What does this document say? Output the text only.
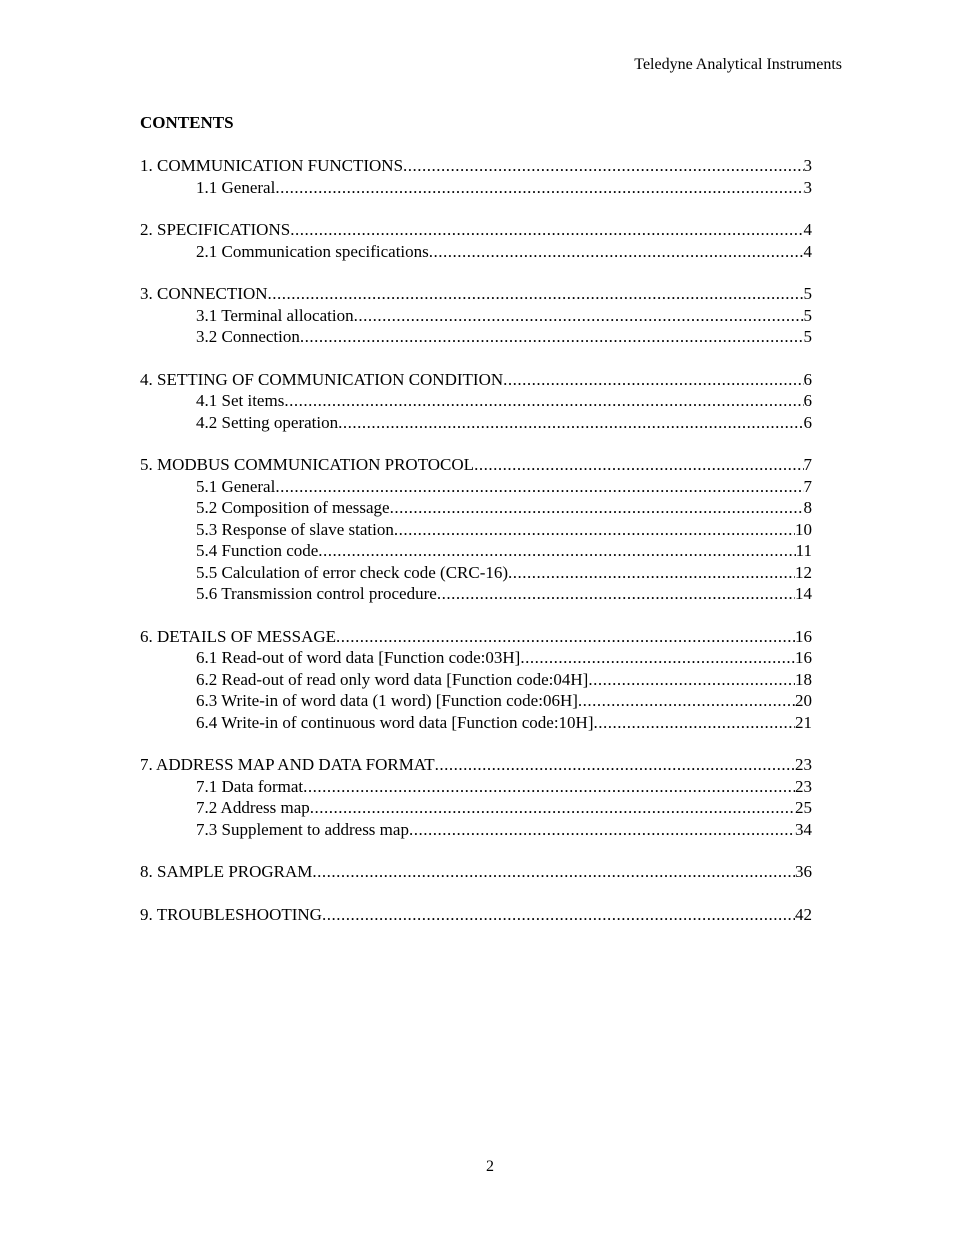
Teledyne Analytical Instruments
CONTENTS
1. COMMUNICATION FUNCTIONS .....	3
1.1 General .....	3
2. SPECIFICATIONS .....	4
2.1 Communication specifications .....	4
3. CONNECTION .....	5
3.1 Terminal allocation .....	5
3.2 Connection .....	5
4. SETTING OF COMMUNICATION CONDITION .....	6
4.1 Set items .....	6
4.2 Setting operation .....	6
5. MODBUS COMMUNICATION PROTOCOL .....	7
5.1 General .....	7
5.2 Composition of message .....	8
5.3 Response of slave station .....	10
5.4 Function code .....	11
5.5 Calculation of error check code (CRC-16) .....	12
5.6 Transmission control procedure .....	14
6. DETAILS OF MESSAGE .....	16
6.1 Read-out of word data [Function code:03H] .....	16
6.2 Read-out of read only word data [Function code:04H] .....	18
6.3 Write-in of word data (1 word) [Function code:06H] .....	20
6.4 Write-in of continuous word data [Function code:10H] .....	21
7. ADDRESS MAP AND DATA FORMAT .....	23
7.1 Data format .....	23
7.2 Address map .....	25
7.3 Supplement to address map .....	34
8. SAMPLE PROGRAM .....	36
9. TROUBLESHOOTING .....	42
2
